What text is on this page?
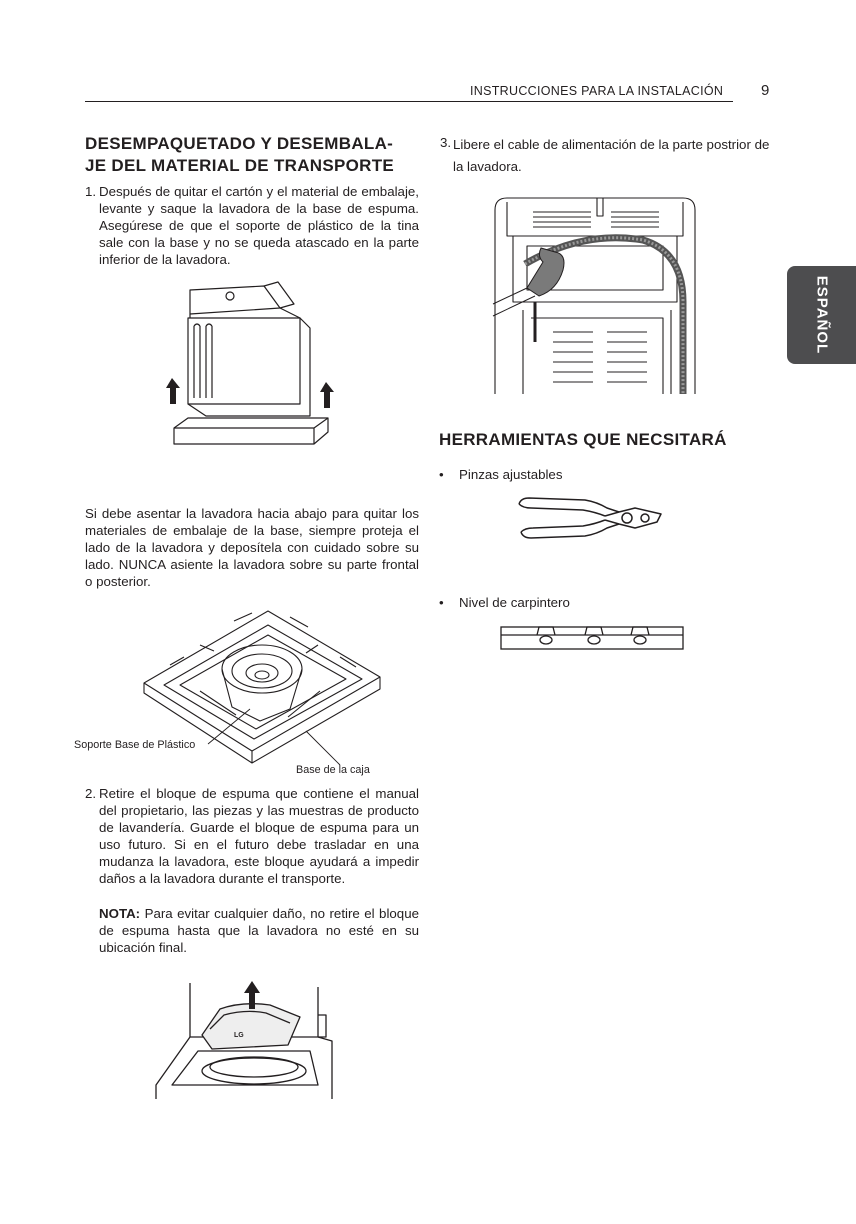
INSTRUCCIONES PARA LA INSTALACIÓN	9
ESPAÑOL
DESEMPAQUETADO Y DESEMBALA-
JE DEL MATERIAL DE TRANSPORTE
1. Después de quitar el cartón y el material de embalaje, levante y saque la lavadora de la base de espuma. Asegúrese de que el soporte de plástico de la tina sale con la base y no se queda atascado en la parte inferior de la lavadora.
Si debe asentar la lavadora hacia abajo para quitar los materiales de embalaje de la base, siempre proteja el lado de la lavadora y deposítela con cuidado sobre su lado. NUNCA asiente la lavadora sobre su parte frontal o posterior.
Soporte Base de Plástico
Base de la caja
2. Retire el bloque de espuma que contiene el manual del propietario, las piezas y las muestras de producto de lavandería. Guarde el bloque de espuma para un uso futuro. Si en el futuro debe trasladar en una mudanza la lavadora, este bloque ayudará a impedir daños a la lavadora durante el transporte.
NOTA: Para evitar cualquier daño, no retire el bloque de espuma hasta que la lavadora no esté en su ubicación final.
LG
3. Libere el cable de alimentación de la parte postrior de la lavadora.
HERRAMIENTAS QUE NECSITARÁ
• Pinzas ajustables
• Nivel de carpintero
